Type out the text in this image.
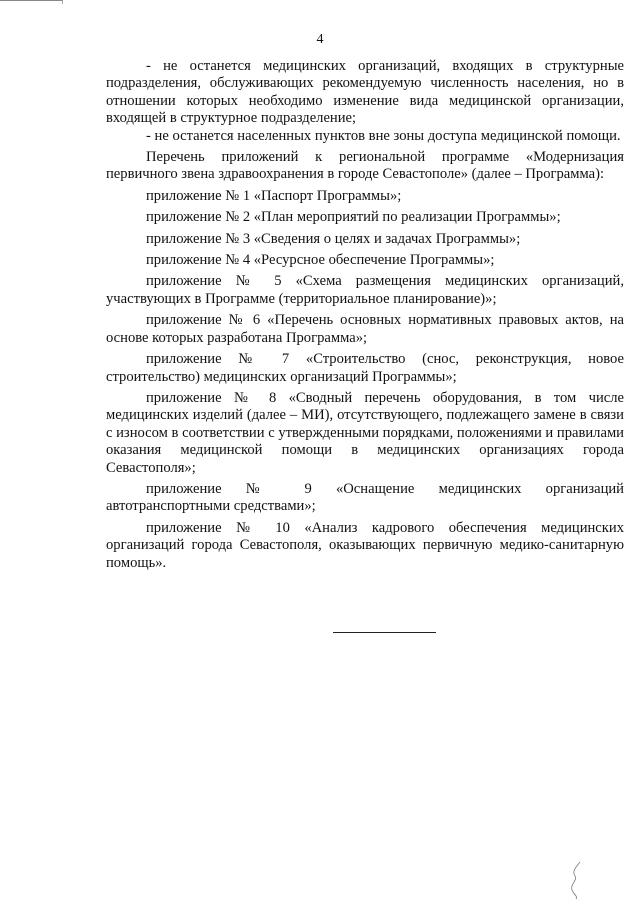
4

- не останется медицинских организаций, входящих в структурные подразделения, обслуживающих рекомендуемую численность населения, но в отношении которых необходимо изменение вида медицинской организации, входящей в структурное подразделение;

- не останется населенных пунктов вне зоны доступа медицинской помощи.

Перечень приложений к региональной программе «Модернизация первичного звена здравоохранения в городе Севастополе» (далее – Программа):

приложение № 1 «Паспорт Программы»;

приложение № 2 «План мероприятий по реализации Программы»;

приложение № 3 «Сведения о целях и задачах Программы»;

приложение № 4 «Ресурсное обеспечение Программы»;

приложение № 5 «Схема размещения медицинских организаций, участвующих в Программе (территориальное планирование)»;

приложение № 6 «Перечень основных нормативных правовых актов, на основе которых разработана Программа»;

приложение № 7 «Строительство (снос, реконструкция, новое строительство) медицинских организаций Программы»;

приложение № 8 «Сводный перечень оборудования, в том числе медицинских изделий (далее – МИ), отсутствующего, подлежащего замене в связи с износом в соответствии с утвержденными порядками, положениями и правилами оказания медицинской помощи в медицинских организациях города Севастополя»;

приложение № 9 «Оснащение медицинских организаций автотранспортными средствами»;

приложение № 10 «Анализ кадрового обеспечения медицинских организаций города Севастополя, оказывающих первичную медико-санитарную помощь».
